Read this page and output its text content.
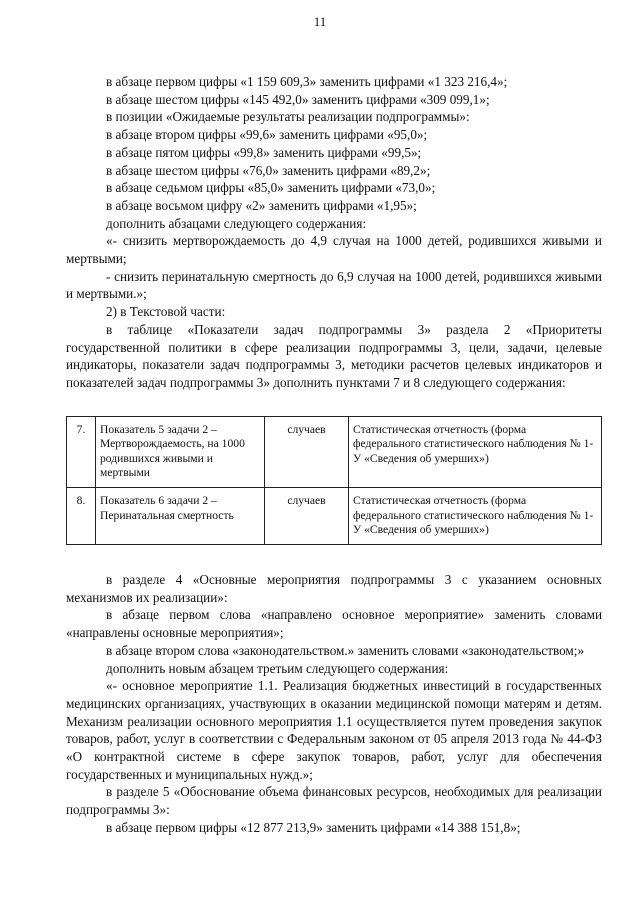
11

в абзаце первом цифры «1 159 609,3» заменить цифрами «1 323 216,4»;

в абзаце шестом цифры «145 492,0» заменить цифрами «309 099,1»;

в позиции «Ожидаемые результаты реализации подпрограммы»:

в абзаце втором цифры «99,6» заменить цифрами «95,0»;

в абзаце пятом цифры «99,8» заменить цифрами «99,5»;

в абзаце шестом цифры «76,0» заменить цифрами «89,2»;

в абзаце седьмом цифры «85,0» заменить цифрами «73,0»;

в абзаце восьмом цифру «2» заменить цифрами «1,95»;

дополнить абзацами следующего содержания:

«- снизить мертворождаемость до 4,9 случая на 1000 детей, родившихся живыми и мертвыми;

- снизить перинатальную смертность до 6,9 случая на 1000 детей, родившихся живыми и мертвыми.»;

2) в Текстовой части:

в таблице «Показатели задач подпрограммы 3» раздела 2 «Приоритеты государственной политики в сфере реализации подпрограммы 3, цели, задачи, целевые индикаторы, показатели задач подпрограммы 3, методики расчетов целевых индикаторов и показателей задач подпрограммы 3» дополнить пунктами 7 и 8 следующего содержания:

7.	Показатель 5 задачи 2 – Мертворождаемость, на 1000 родившихся живыми и мертвыми	случаев	Статистическая отчетность (форма федерального статистического наблюдения № 1-У «Сведения об умерших»)
8.	Показатель 6 задачи 2 – Перинатальная смертность	случаев	Статистическая отчетность (форма федерального статистического наблюдения № 1-У «Сведения об умерших»)

в разделе 4 «Основные мероприятия подпрограммы 3 с указанием основных механизмов их реализации»:

в абзаце первом слова «направлено основное мероприятие» заменить словами «направлены основные мероприятия»;

в абзаце втором слова «законодательством.» заменить словами «законодательством;»

дополнить новым абзацем третьим следующего содержания:

«- основное мероприятие 1.1. Реализация бюджетных инвестиций в государственных медицинских организациях, участвующих в оказании медицинской помощи матерям и детям. Механизм реализации основного мероприятия 1.1 осуществляется путем проведения закупок товаров, работ, услуг в соответствии с Федеральным законом от 05 апреля 2013 года № 44-ФЗ «О контрактной системе в сфере закупок товаров, работ, услуг для обеспечения государственных и муниципальных нужд.»;

в разделе 5 «Обоснование объема финансовых ресурсов, необходимых для реализации подпрограммы 3»:

в абзаце первом цифры «12 877 213,9» заменить цифрами «14 388 151,8»;
